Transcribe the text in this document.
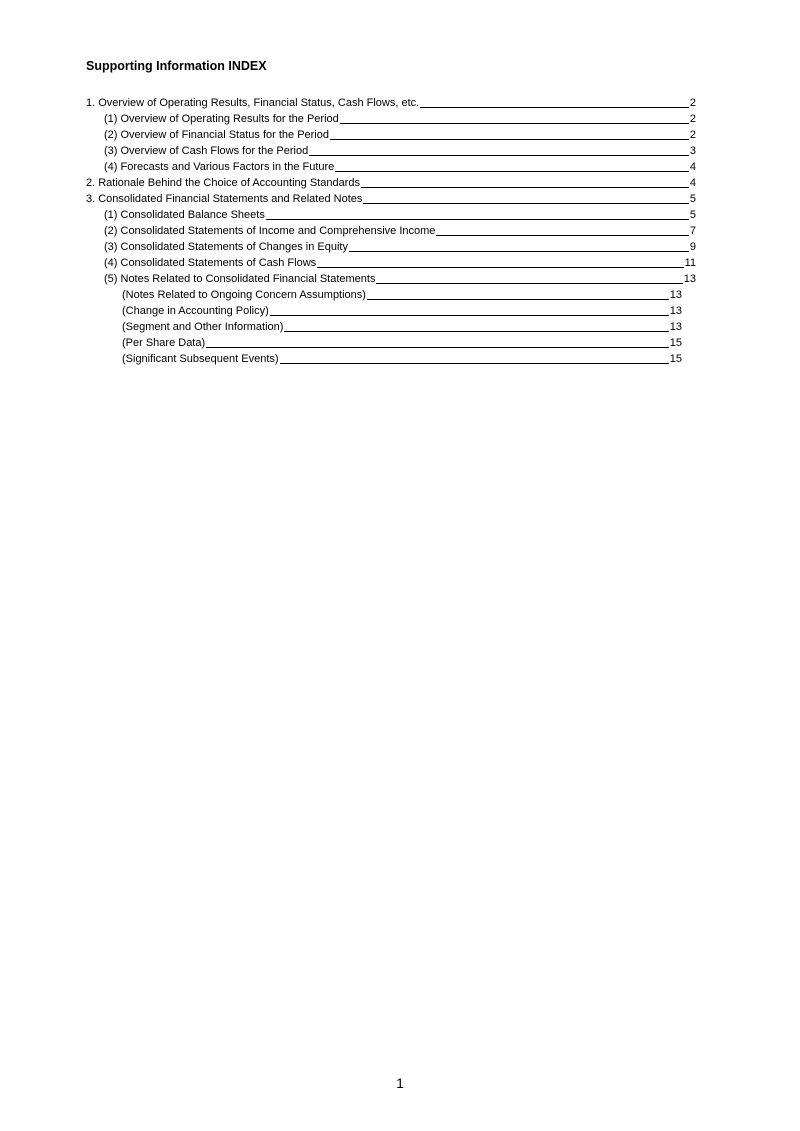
Supporting Information INDEX
1. Overview of Operating Results, Financial Status, Cash Flows, etc.	2
(1) Overview of Operating Results for the Period	2
(2) Overview of Financial Status for the Period	2
(3) Overview of Cash Flows for the Period	3
(4) Forecasts and Various Factors in the Future	4
2. Rationale Behind the Choice of Accounting Standards	4
3. Consolidated Financial Statements and Related Notes	5
(1) Consolidated Balance Sheets	5
(2) Consolidated Statements of Income and Comprehensive Income	7
(3) Consolidated Statements of Changes in Equity	9
(4) Consolidated Statements of Cash Flows	11
(5) Notes Related to Consolidated Financial Statements	13
(Notes Related to Ongoing Concern Assumptions)	13
(Change in Accounting Policy)	13
(Segment and Other Information)	13
(Per Share Data)	15
(Significant Subsequent Events)	15
1
